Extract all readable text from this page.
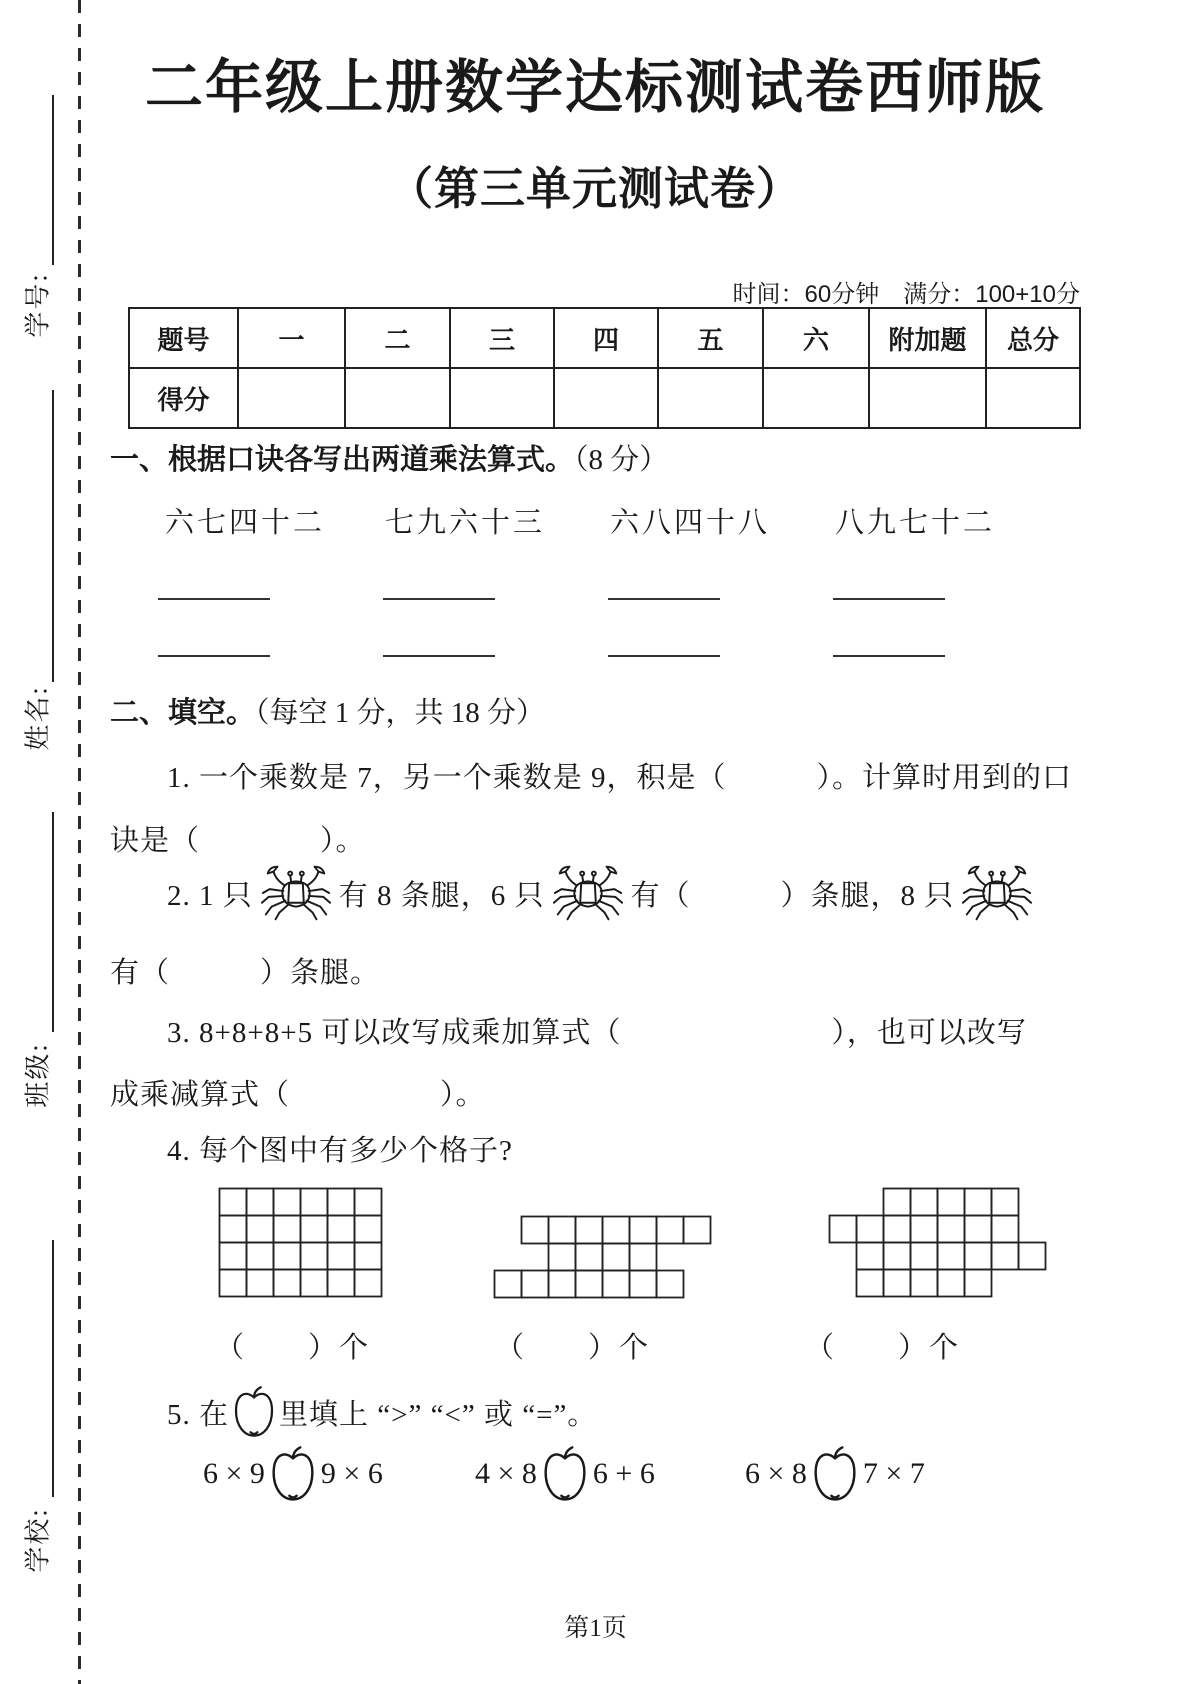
学号:
姓名:
班级:
学校:
二年级上册数学达标测试卷西师版
（第三单元测试卷）
时间：60分钟　满分：100+10分
题号	一	二	三	四	五	六	附加题	总分
得分								
一、根据口诀各写出两道乘法算式。（8 分）
六七四十二 七九六十三 六八四十八 八九七十二
二、填空。（每空 1 分，共 18 分）
1. 一个乘数是 7，另一个乘数是 9，积是（　　　）。计算时用到的口
诀是（　　　　）。
2. 1 只	有 8 条腿，6 只	有（　　　）条腿，8 只
有（　　　）条腿。
3. 8+8+8+5 可以改写成乘加算式（　　　　　　　），也可以改写
成乘减算式（　　　　　）。
4. 每个图中有多少个格子?
（　　）个	（　　）个	（　　）个
5. 在 里填上 “>” “<” 或 “=”。
6 × 9 9 × 6	4 × 8 6 + 6	6 × 8 7 × 7
第1页
